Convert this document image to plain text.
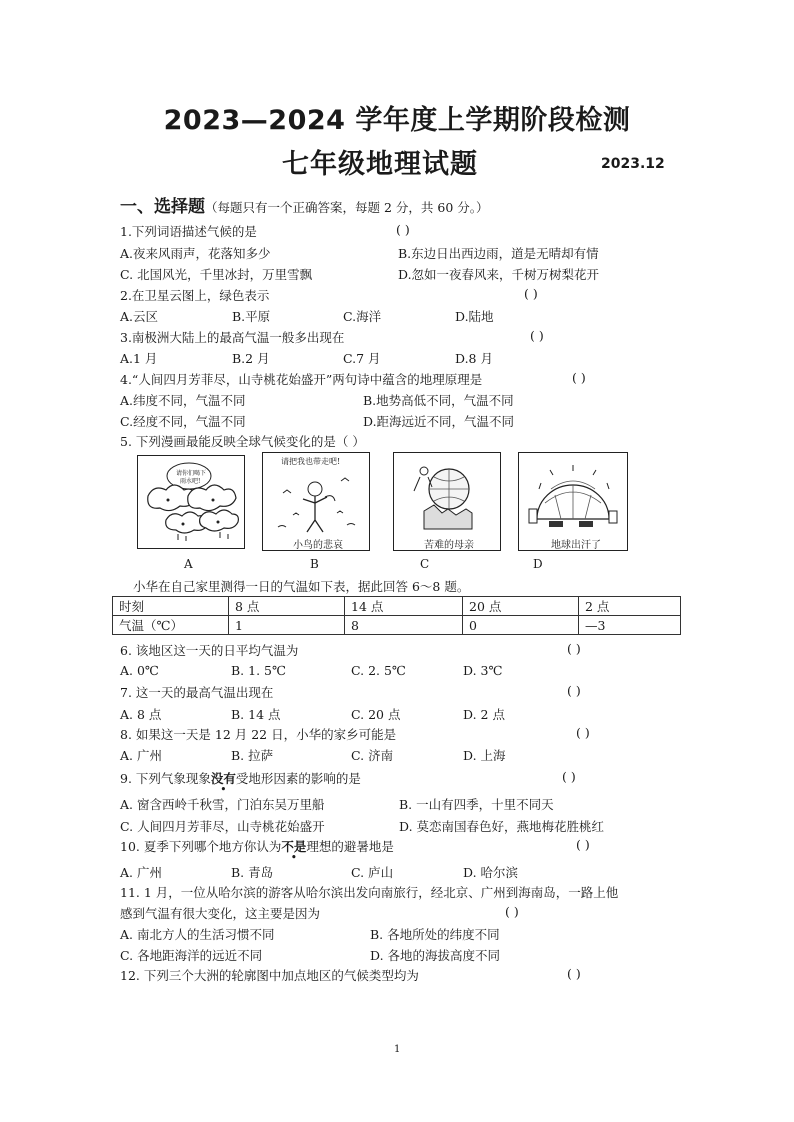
2023—2024 学年度上学期阶段检测
七年级地理试题	2023.12
一、选择题（每题只有一个正确答案，每题 2 分，共 60 分。）
1.下列词语描述气候的是	( )
A.夜来风雨声，花落知多少	B.东边日出西边雨，道是无晴却有情
C. 北国风光，千里冰封，万里雪飘	D.忽如一夜春风来，千树万树梨花开
2.在卫星云图上，绿色表示	( )
A.云区	B.平原	C.海洋	D.陆地
3.南极洲大陆上的最高气温一般多出现在	( )
A.1 月	B.2 月	C.7 月	D.8 月
4.“人间四月芳菲尽，山寺桃花始盛开”两句诗中蕴含的地理原理是	( )
A.纬度不同，气温不同	B.地势高低不同，气温不同
C.经度不同，气温不同	D.距海远近不同，气温不同
5. 下列漫画最能反映全球气候变化的是（ ）
请你们喝下
雨水吧!
A
请把我也带走吧!
小鸟的悲哀
B
苦难的母亲
C
地球出汗了
D
小华在自己家里测得一日的气温如下表，据此回答 6～8 题。
时刻	8 点	14 点	20 点	2 点
气温（℃）	1	8	0	—3
6. 该地区这一天的日平均气温为	( )
A. 0℃	B. 1. 5℃	C. 2. 5℃	D. 3℃
7. 这一天的最高气温出现在	( )
A. 8 点	B. 14 点	C. 20 点	D. 2 点
8. 如果这一天是 12 月 22 日，小华的家乡可能是	( )
A. 广州	B. 拉萨	C. 济南	D. 上海
9. 下列气象现象没有受地形因素的影响的是	( )
A. 窗含西岭千秋雪，门泊东吴万里船	B. 一山有四季，十里不同天
C. 人间四月芳菲尽，山寺桃花始盛开	D. 莫恋南国春色好，燕地梅花胜桃红
10. 夏季下列哪个地方你认为不是理想的避暑地是	( )
A. 广州	B. 青岛	C. 庐山	D. 哈尔滨
11. 1 月，一位从哈尔滨的游客从哈尔滨出发向南旅行，经北京、广州到海南岛，一路上他
感到气温有很大变化，这主要是因为	( )
A. 南北方人的生活习惯不同	B. 各地所处的纬度不同
C. 各地距海洋的远近不同	D. 各地的海拔高度不同
12. 下列三个大洲的轮廓图中加点地区的气候类型均为	( )
1
